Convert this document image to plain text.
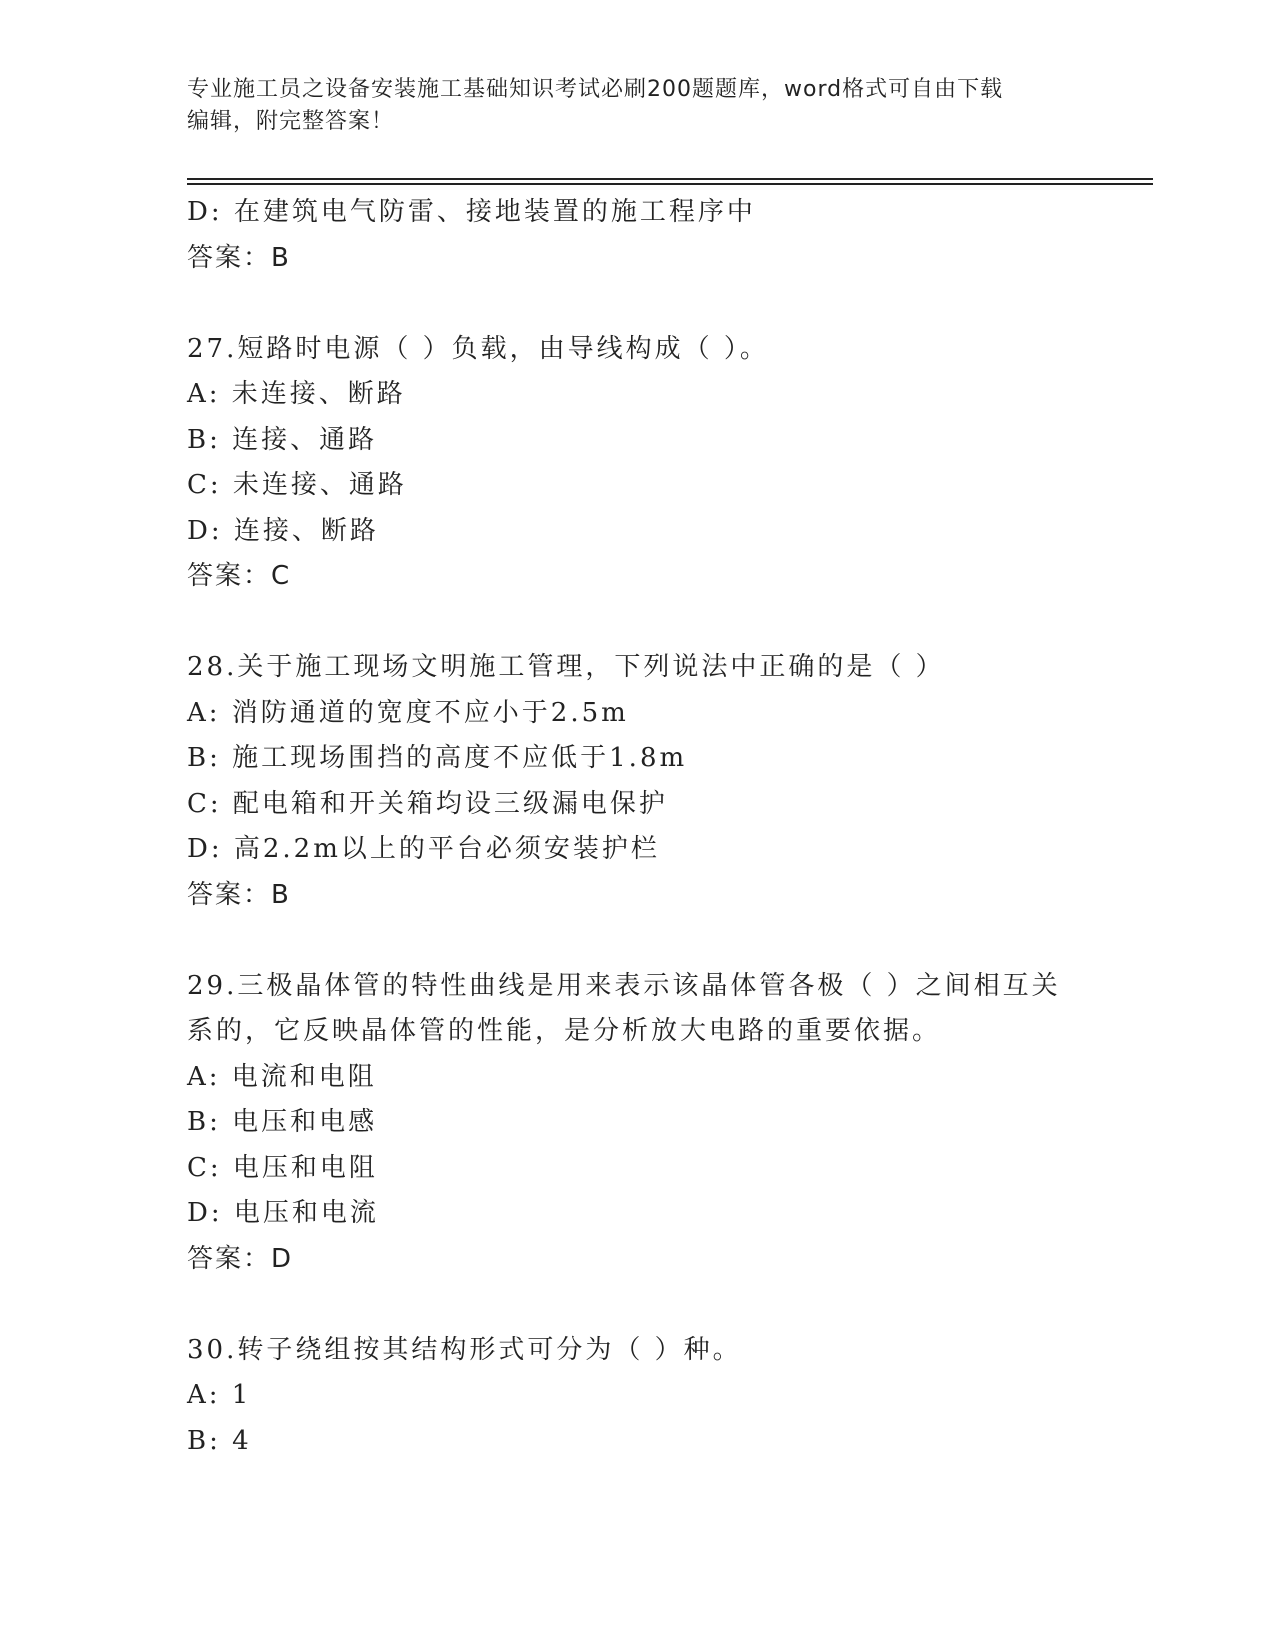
专业施工员之设备安装施工基础知识考试必刷200题题库，word格式可自由下载
编辑，附完整答案！
D: 在建筑电气防雷、接地装置的施工程序中
答案：B
27.短路时电源（ ）负载，由导线构成（ ）。
A: 未连接、断路
B: 连接、通路
C: 未连接、通路
D: 连接、断路
答案：C
28.关于施工现场文明施工管理，下列说法中正确的是（ ）
A: 消防通道的宽度不应小于2.5m
B: 施工现场围挡的高度不应低于1.8m
C: 配电箱和开关箱均设三级漏电保护
D: 高2.2m以上的平台必须安装护栏
答案：B
29.三极晶体管的特性曲线是用来表示该晶体管各极（ ）之间相互关
系的，它反映晶体管的性能，是分析放大电路的重要依据。
A: 电流和电阻
B: 电压和电感
C: 电压和电阻
D: 电压和电流
答案：D
30.转子绕组按其结构形式可分为（ ）种。
A: 1
B: 4
